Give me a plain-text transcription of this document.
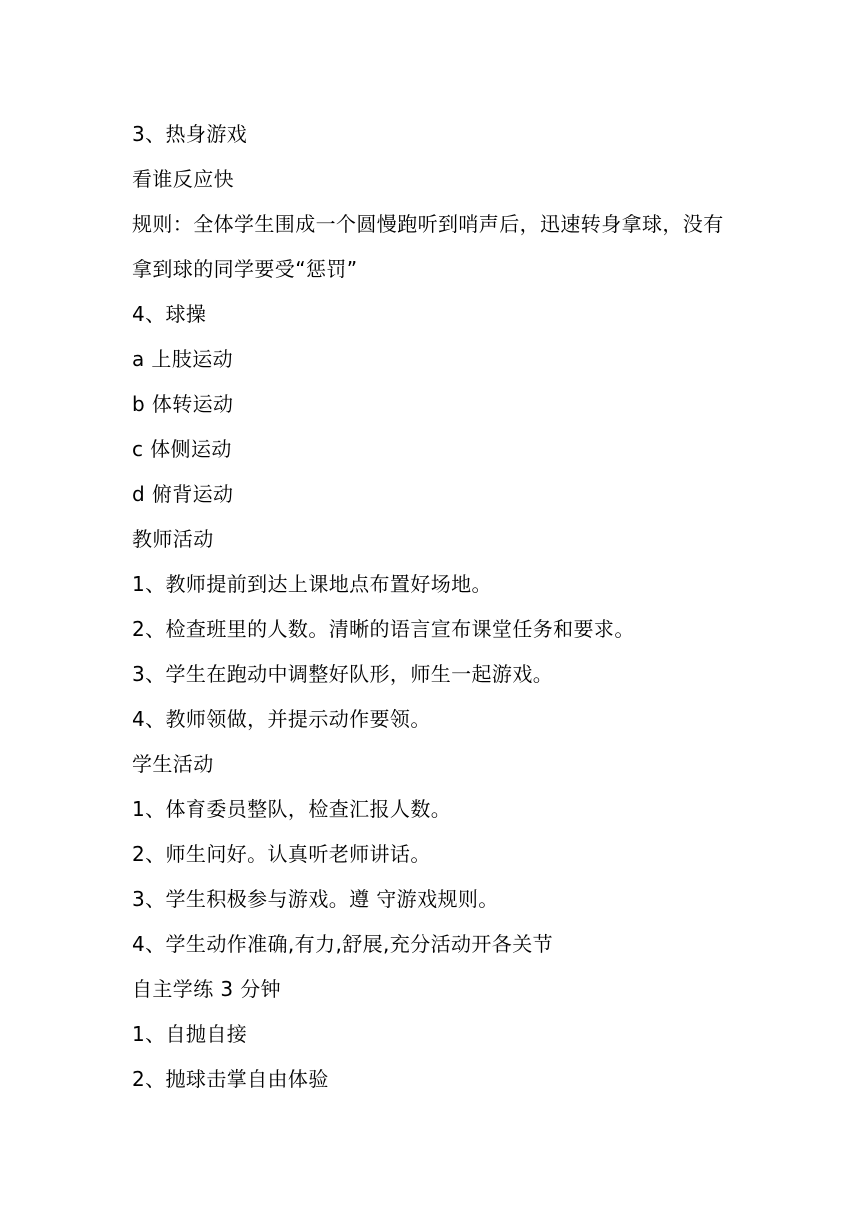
3、热身游戏
看谁反应快
规则：全体学生围成一个圆慢跑听到哨声后，迅速转身拿球，没有拿到球的同学要受“惩罚”
4、球操
a 上肢运动
b 体转运动
c 体侧运动
d 俯背运动
教师活动
1、教师提前到达上课地点布置好场地。
2、检查班里的人数。清晰的语言宣布课堂任务和要求。
3、学生在跑动中调整好队形，师生一起游戏。
4、教师领做，并提示动作要领。
学生活动
1、体育委员整队，检查汇报人数。
2、师生问好。认真听老师讲话。
3、学生积极参与游戏。遵 守游戏规则。
4、学生动作准确,有力,舒展,充分活动开各关节
自主学练 3 分钟
1、自抛自接
2、抛球击掌自由体验
